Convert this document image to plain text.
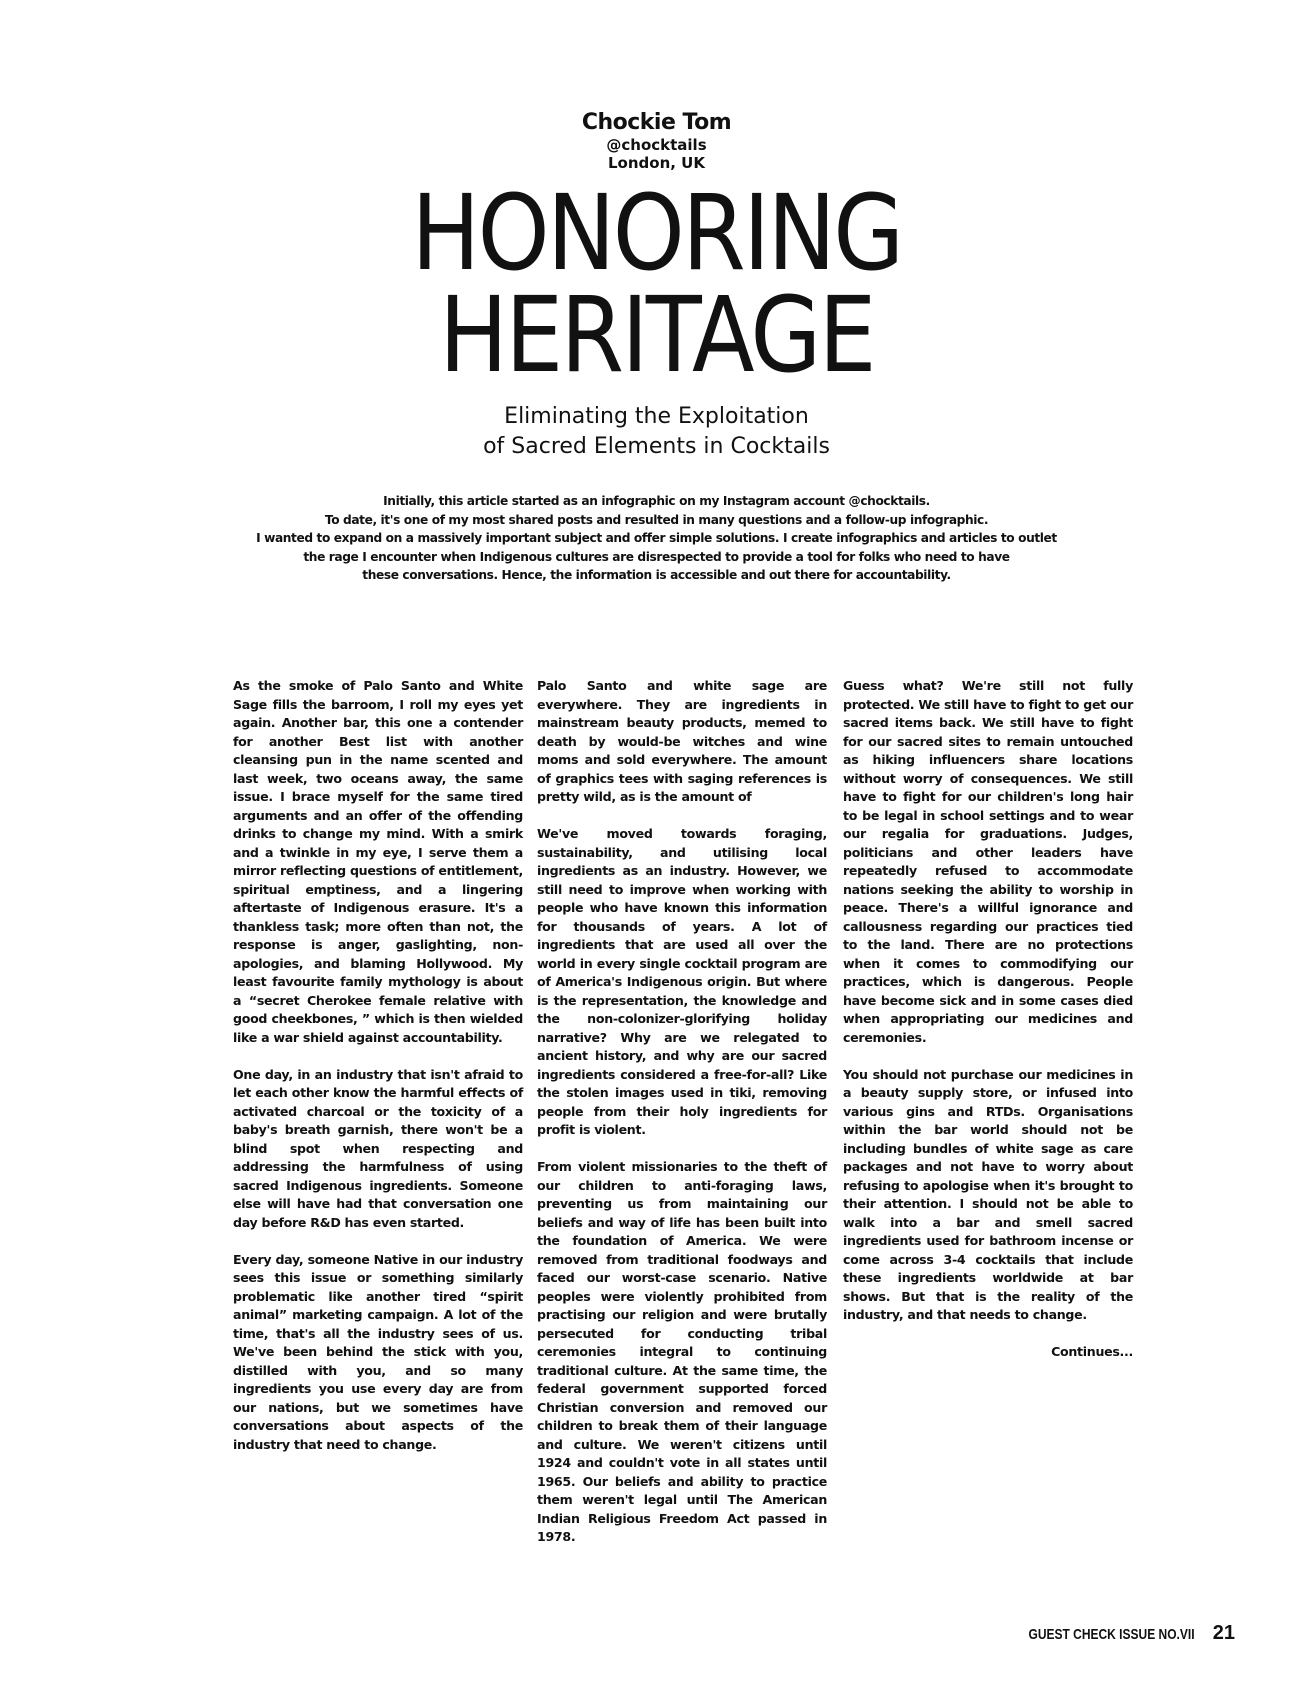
Chockie Tom
@chocktails
London, UK
HONORING
HERITAGE
Eliminating the Exploitation
of Sacred Elements in Cocktails
Initially, this article started as an infographic on my Instagram account @chocktails.
To date, it's one of my most shared posts and resulted in many questions and a follow-up infographic.
I wanted to expand on a massively important subject and offer simple solutions. I create infographics and articles to outlet
the rage I encounter when Indigenous cultures are disrespected to provide a tool for folks who need to have
these conversations. Hence, the information is accessible and out there for accountability.

As the smoke of Palo Santo and White Sage fills the barroom, I roll my eyes yet again. Another bar, this one a contender for another Best list with another cleansing pun in the name scented and last week, two oceans away, the same issue. I brace myself for the same tired arguments and an offer of the offending drinks to change my mind. With a smirk and a twinkle in my eye, I serve them a mirror reflecting questions of entitlement, spiritual emptiness, and a lingering aftertaste of Indigenous erasure. It's a thankless task; more often than not, the response is anger, gaslighting, non-apologies, and blaming Hollywood. My least favourite family mythology is about a “secret Cherokee female relative with good cheekbones, ” which is then wielded like a war shield against accountability.

One day, in an industry that isn't afraid to let each other know the harmful effects of activated charcoal or the toxicity of a baby's breath garnish, there won't be a blind spot when respecting and addressing the harmfulness of using sacred Indigenous ingredients. Someone else will have had that conversation one day before R&D has even started.

Every day, someone Native in our industry sees this issue or something similarly problematic like another tired “spirit animal” marketing campaign. A lot of the time, that's all the industry sees of us. We've been behind the stick with you, distilled with you, and so many ingredients you use every day are from our nations, but we sometimes have conversations about aspects of the industry that need to change.

Palo Santo and white sage are everywhere. They are ingredients in mainstream beauty products, memed to death by would-be witches and wine moms and sold everywhere. The amount of graphics tees with saging references is pretty wild, as is the amount of

We've moved towards foraging, sustainability, and utilising local ingredients as an industry. However, we still need to improve when working with people who have known this information for thousands of years. A lot of ingredients that are used all over the world in every single cocktail program are of America's Indigenous origin. But where is the representation, the knowledge and the non-colonizer-glorifying holiday narrative? Why are we relegated to ancient history, and why are our sacred ingredients considered a free-for-all? Like the stolen images used in tiki, removing people from their holy ingredients for profit is violent.

From violent missionaries to the theft of our children to anti-foraging laws, preventing us from maintaining our beliefs and way of life has been built into the foundation of America. We were removed from traditional foodways and faced our worst-case scenario. Native peoples were violently prohibited from practising our religion and were brutally persecuted for conducting tribal ceremonies integral to continuing traditional culture. At the same time, the federal government supported forced Christian conversion and removed our children to break them of their language and culture. We weren't citizens until 1924 and couldn't vote in all states until 1965. Our beliefs and ability to practice them weren't legal until The American Indian Religious Freedom Act passed in 1978.

Guess what? We're still not fully protected. We still have to fight to get our sacred items back. We still have to fight for our sacred sites to remain untouched as hiking influencers share locations without worry of consequences. We still have to fight for our children's long hair to be legal in school settings and to wear our regalia for graduations. Judges, politicians and other leaders have repeatedly refused to accommodate nations seeking the ability to worship in peace. There's a willful ignorance and callousness regarding our practices tied to the land. There are no protections when it comes to commodifying our practices, which is dangerous. People have become sick and in some cases died when appropriating our medicines and ceremonies.

You should not purchase our medicines in a beauty supply store, or infused into various gins and RTDs. Organisations within the bar world should not be including bundles of white sage as care packages and not have to worry about refusing to apologise when it's brought to their attention. I should not be able to walk into a bar and smell sacred ingredients used for bathroom incense or come across 3-4 cocktails that include these ingredients worldwide at bar shows. But that is the reality of the industry, and that needs to change.

Continues...

GUEST CHECK ISSUE NO.VII 21
